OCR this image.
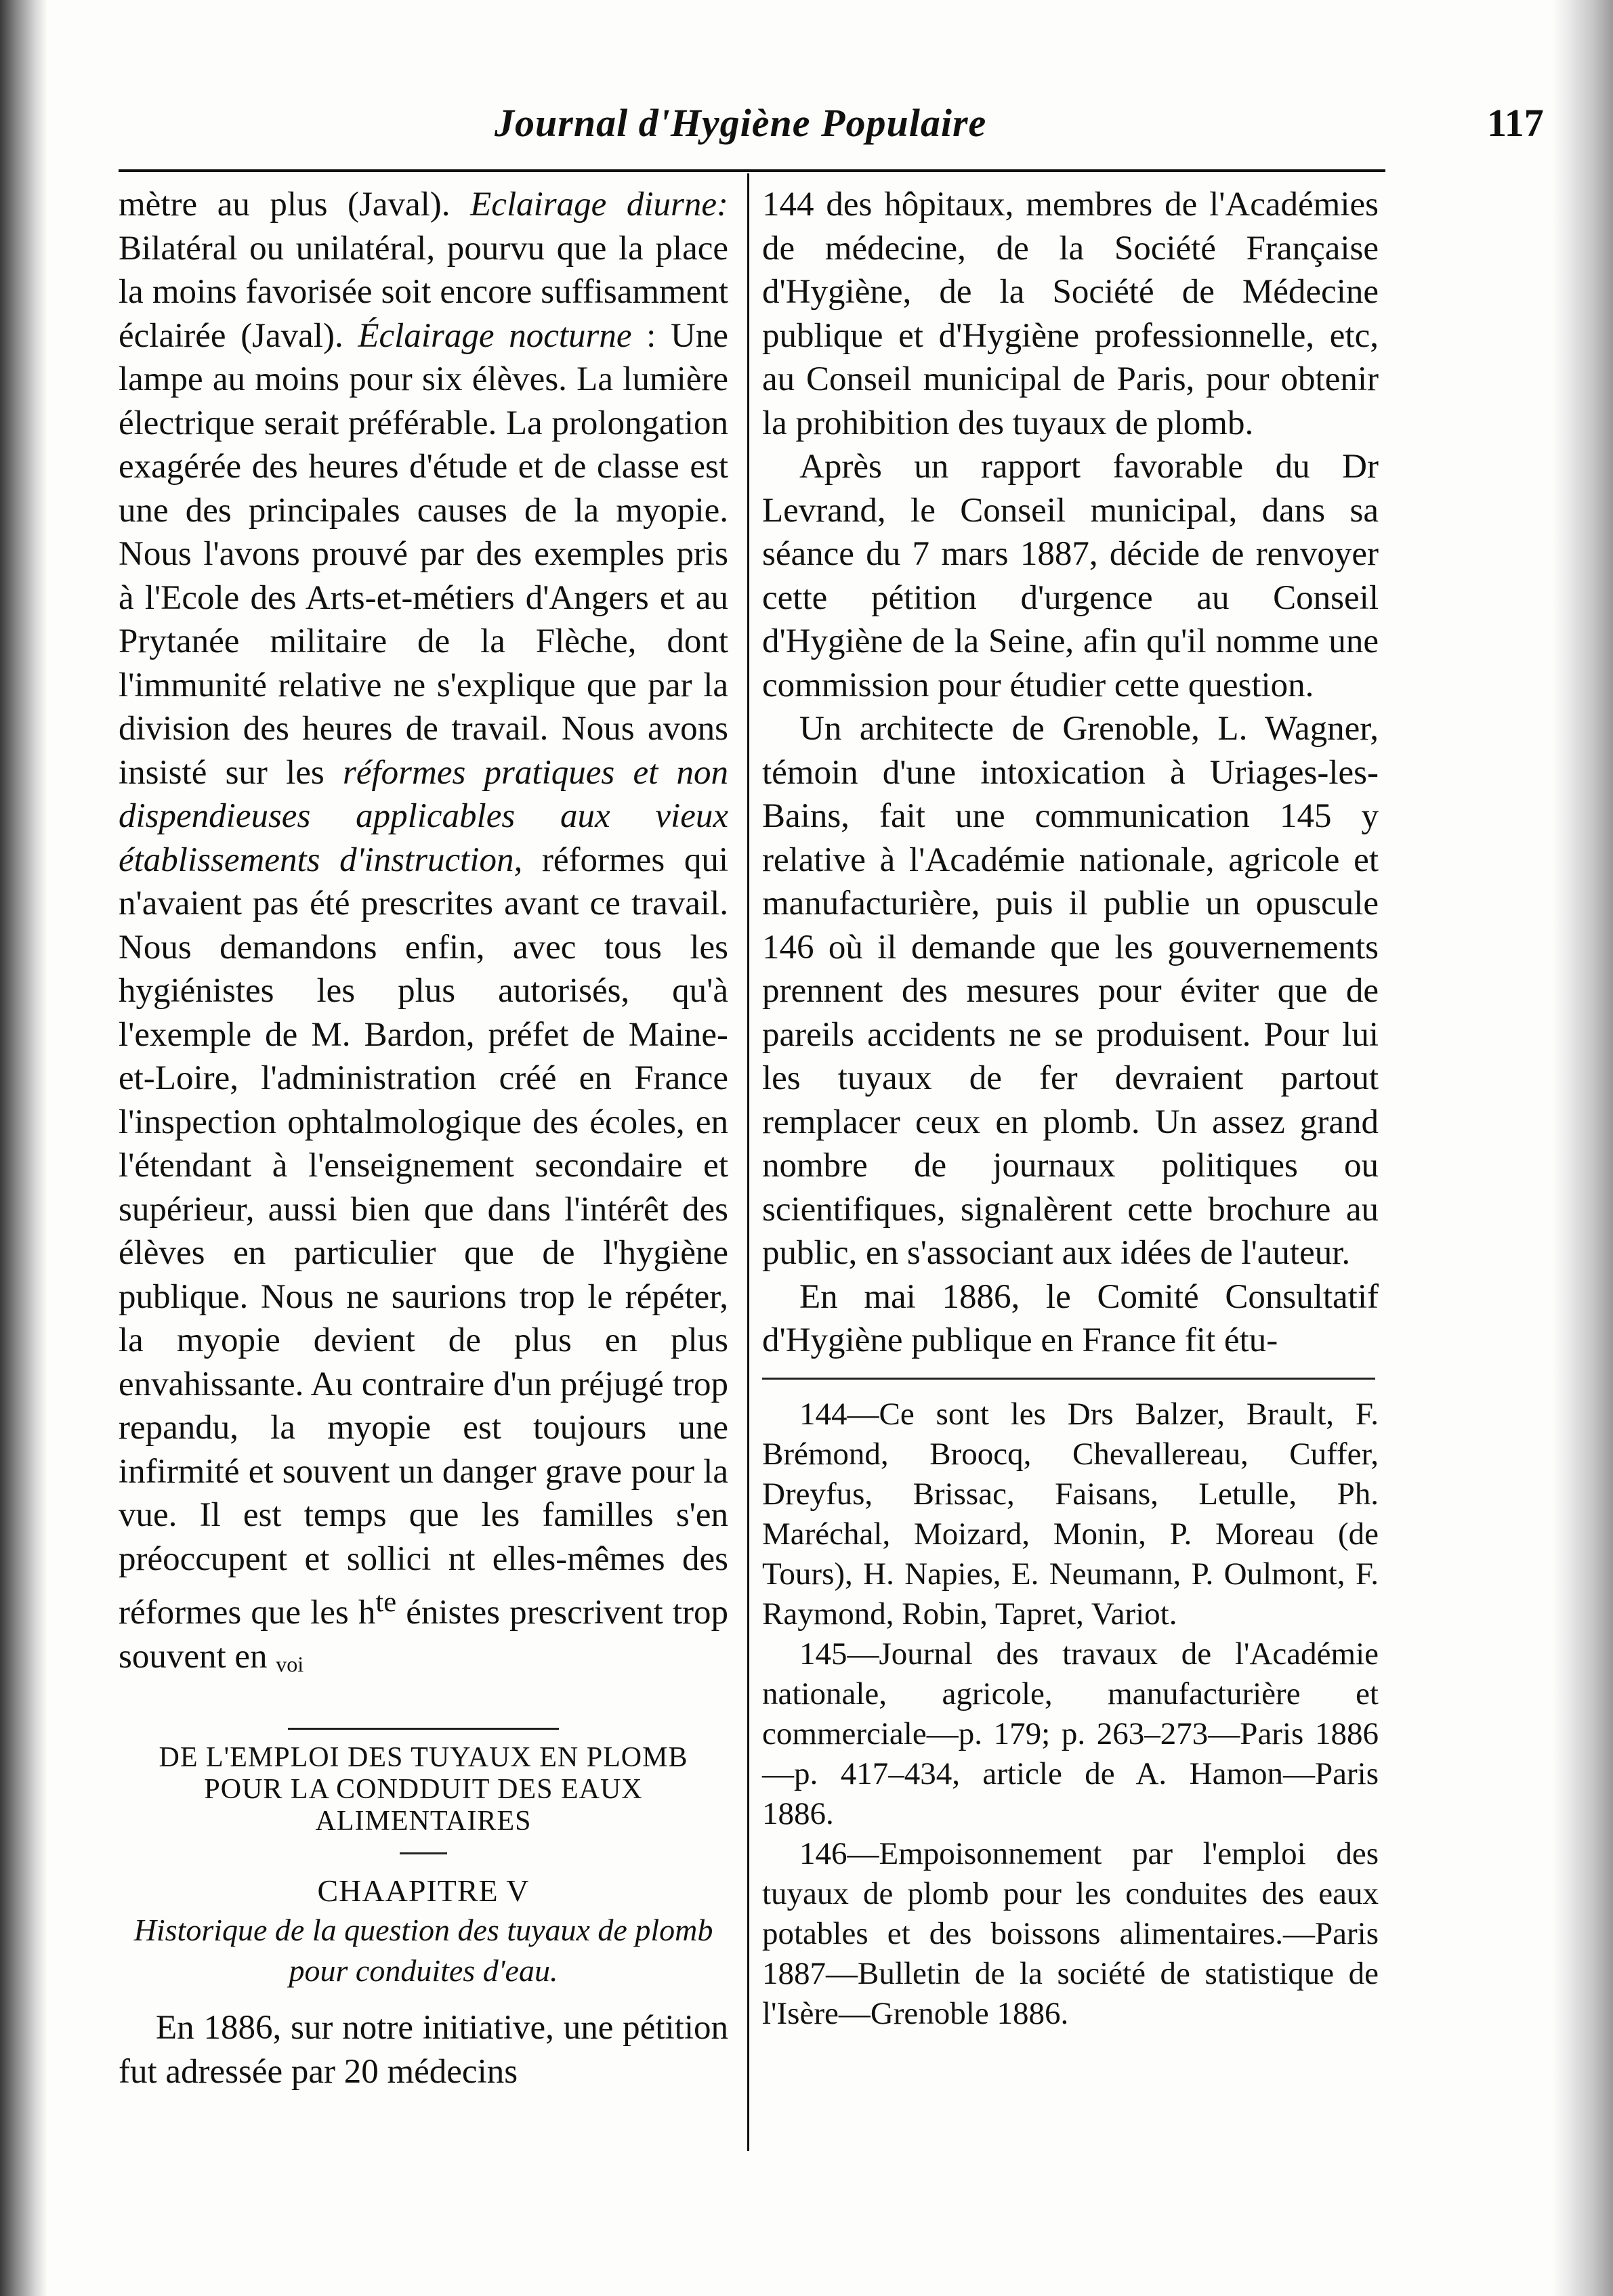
Journal d'Hygiène Populaire	117

mètre au plus (Javal). Eclairage diurne: Bilatéral ou unilatéral, pourvu que la place la moins favorisée soit encore suffisamment éclairée (Javal). Éclairage nocturne : Une lampe au moins pour six élèves. La lumière électrique serait préférable. La prolongation exagérée des heures d'étude et de classe est une des principales causes de la myopie. Nous l'avons prouvé par des exemples pris à l'Ecole des Arts-et-métiers d'Angers et au Prytanée militaire de la Flèche, dont l'immunité relative ne s'explique que par la division des heures de travail. Nous avons insisté sur les réformes pratiques et non dispendieuses applicables aux vieux établissements d'instruction, réformes qui n'avaient pas été prescrites avant ce travail. Nous demandons enfin, avec tous les hygiénistes les plus autorisés, qu'à l'exemple de M. Bardon, préfet de Maine-et-Loire, l'administration créé en France l'inspection ophtalmologique des écoles, en l'étendant à l'enseignement secondaire et supérieur, aussi bien que dans l'intérêt des élèves en particulier que de l'hygiène publique. Nous ne saurions trop le répéter, la myopie devient de plus en plus envahissante. Au contraire d'un préjugé trop repandu, la myopie est toujours une infirmité et souvent un danger grave pour la vue. Il est temps que les familles s'en préoccupent et sollici nt elles-mêmes des réformes que les $h^{te}$ énistes prescrivent trop souvent en voi

DE L'EMPLOI DES TUYAUX EN PLOMB POUR LA CONDDUIT DES EAUX ALIMENTAIRES
CHAAPITRE V
Historique de la question des tuyaux de plomb pour conduites d'eau.

En 1886, sur notre initiative, une pétition fut adressée par 20 médecins

144 des hôpitaux, membres de l'Académies de médecine, de la Société Française d'Hygiène, de la Société de Médecine publique et d'Hygiène professionnelle, etc, au Conseil municipal de Paris, pour obtenir la prohibition des tuyaux de plomb.

Après un rapport favorable du Dr Levrand, le Conseil municipal, dans sa séance du 7 mars 1887, décide de renvoyer cette pétition d'urgence au Conseil d'Hygiène de la Seine, afin qu'il nomme une commission pour étudier cette question.

Un architecte de Grenoble, L. Wagner, témoin d'une intoxication à Uriages-les-Bains, fait une communication 145 y relative à l'Académie nationale, agricole et manufacturière, puis il publie un opuscule 146 où il demande que les gouvernements prennent des mesures pour éviter que de pareils accidents ne se produisent. Pour lui les tuyaux de fer devraient partout remplacer ceux en plomb. Un assez grand nombre de journaux politiques ou scientifiques, signalèrent cette brochure au public, en s'associant aux idées de l'auteur.

En mai 1886, le Comité Consultatif d'Hygiène publique en France fit étu-

144—Ce sont les Drs Balzer, Brault, F. Brémond, Broocq, Chevallereau, Cuffer, Dreyfus, Brissac, Faisans, Letulle, Ph. Maréchal, Moizard, Monin, P. Moreau (de Tours), H. Napies, E. Neumann, P. Oulmont, F. Raymond, Robin, Tapret, Variot.

145—Journal des travaux de l'Académie nationale, agricole, manufacturière et commerciale—p. 179; p. 263–273—Paris 1886—p. 417–434, article de A. Hamon—Paris 1886.

146—Empoisonnement par l'emploi des tuyaux de plomb pour les conduites des eaux potables et des boissons alimentaires.—Paris 1887—Bulletin de la société de statistique de l'Isère—Grenoble 1886.
